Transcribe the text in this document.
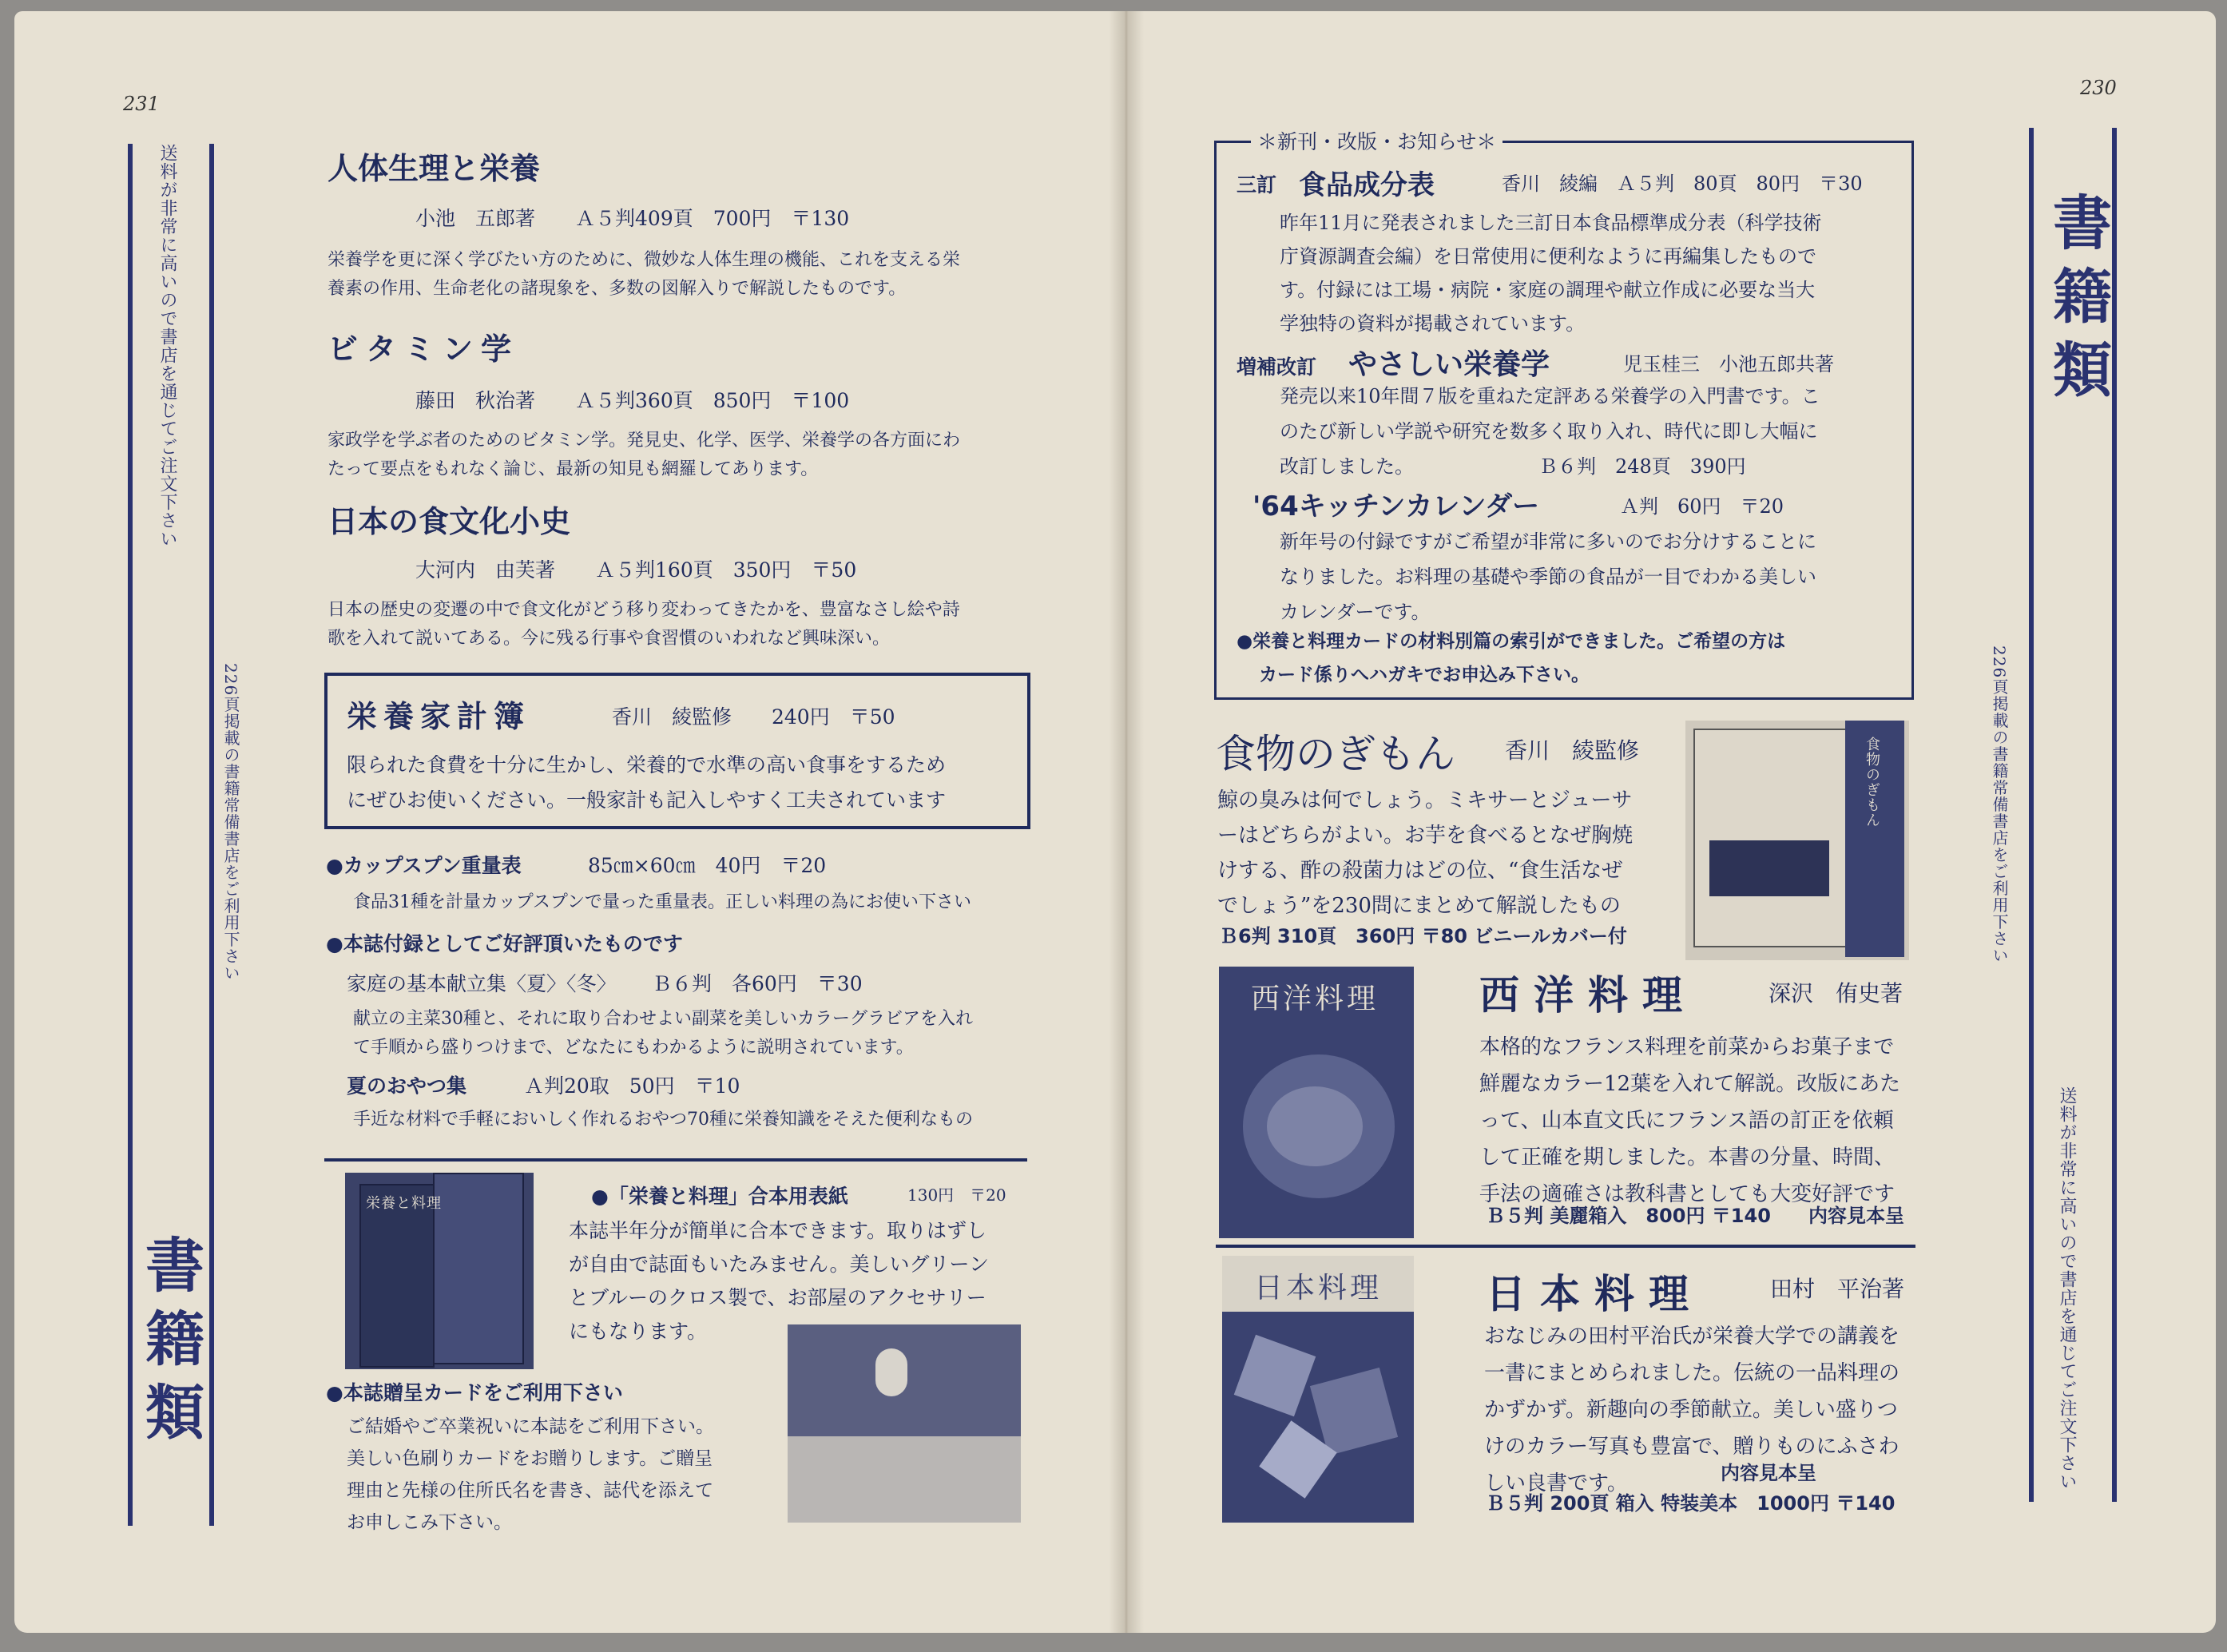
231
送料が非常に高いので書店を通じてご注文下さい
226頁掲載の書籍常備書店をご利用下さい
書籍類
人体生理と栄養
小池　五郎著　　Ａ５判409頁　700円　〒130
栄養学を更に深く学びたい方のために、微妙な人体生理の機能、これを支える栄
養素の作用、生命老化の諸現象を、多数の図解入りで解説したものです。
ビタミン学
藤田　秋治著　　Ａ５判360頁　850円　〒100
家政学を学ぶ者のためのビタミン学。発見史、化学、医学、栄養学の各方面にわ
たって要点をもれなく論じ、最新の知見も網羅してあります。
日本の食文化小史
大河内　由芙著　　Ａ５判160頁　350円　〒50
日本の歴史の変遷の中で食文化がどう移り変わってきたかを、豊富なさし絵や詩
歌を入れて説いてある。今に残る行事や食習慣のいわれなど興味深い。
栄養家計簿	香川　綾監修　　240円　〒50
限られた食費を十分に生かし、栄養的で水準の高い食事をするため
にぜひお使いください。一般家計も記入しやすく工夫されています
●カップスプン重量表	85㎝×60㎝　40円　〒20
食品31種を計量カップスプンで量った重量表。正しい料理の為にお使い下さい
●本誌付録としてご好評頂いたものです
家庭の基本献立集〈夏〉〈冬〉 Ｂ６判　各60円　〒30
献立の主菜30種と、それに取り合わせよい副菜を美しいカラーグラビアを入れ
て手順から盛りつけまで、どなたにもわかるように説明されています。
夏のおやつ集	Ａ判20取　50円　〒10
手近な材料で手軽においしく作れるおやつ70種に栄養知識をそえた便利なもの
栄養と料理	●「栄養と料理」合本用表紙	130円　〒20
本誌半年分が簡単に合本できます。取りはずし
が自由で誌面もいたみません。美しいグリーン
とブルーのクロス製で、お部屋のアクセサリー
にもなります。
●本誌贈呈カードをご利用下さい
ご結婚やご卒業祝いに本誌をご利用下さい。
美しい色刷りカードをお贈りします。ご贈呈
理由と先様の住所氏名を書き、誌代を添えて
お申しこみ下さい。
230
書籍類
226頁掲載の書籍常備書店をご利用下さい
送料が非常に高いので書店を通じてご注文下さい
＊新刊・改版・お知らせ＊
三訂 食品成分表	香川　綾編　Ａ５判　80頁　80円　〒30
昨年11月に発表されました三訂日本食品標準成分表（科学技術
庁資源調査会編）を日常使用に便利なように再編集したもので
す。付録には工場・病院・家庭の調理や献立作成に必要な当大
学独特の資料が掲載されています。
増補改訂 やさしい栄養学	児玉桂三　小池五郎共著
発売以来10年間７版を重ねた定評ある栄養学の入門書です。こ
のたび新しい学説や研究を数多く取り入れ、時代に即し大幅に
改訂しました。　　　　　　　Ｂ６判　248頁　390円
'64キッチンカレンダー	Ａ判　60円　〒20
新年号の付録ですがご希望が非常に多いのでお分けすることに
なりました。お料理の基礎や季節の食品が一目でわかる美しい
カレンダーです。
●栄養と料理カードの材料別篇の索引ができました。ご希望の方は
カード係りへハガキでお申込み下さい。
食物のぎもん 香川　綾監修
鯨の臭みは何でしょう。ミキサーとジューサ
ーはどちらがよい。お芋を食べるとなぜ胸焼
けする、酢の殺菌力はどの位、“食生活なぜ
でしょう”を230問にまとめて解説したもの
Ｂ6判 310頁　360円 〒80 ビニールカバー付
食物のぎもん
西洋料理	西洋料理	深沢　侑史著
本格的なフランス料理を前菜からお菓子まで
鮮麗なカラー12葉を入れて解説。改版にあた
って、山本直文氏にフランス語の訂正を依頼
して正確を期しました。本書の分量、時間、
手法の適確さは教科書としても大変好評です
Ｂ５判 美麗箱入　800円 〒140 内容見本呈
日本料理	日本料理	田村　平治著
おなじみの田村平治氏が栄養大学での講義を
一書にまとめられました。伝統の一品料理の
かずかず。新趣向の季節献立。美しい盛りつ
けのカラー写真も豊富で、贈りものにふさわ
しい良書です。	内容見本呈
Ｂ５判 200頁 箱入 特装美本　1000円 〒140
